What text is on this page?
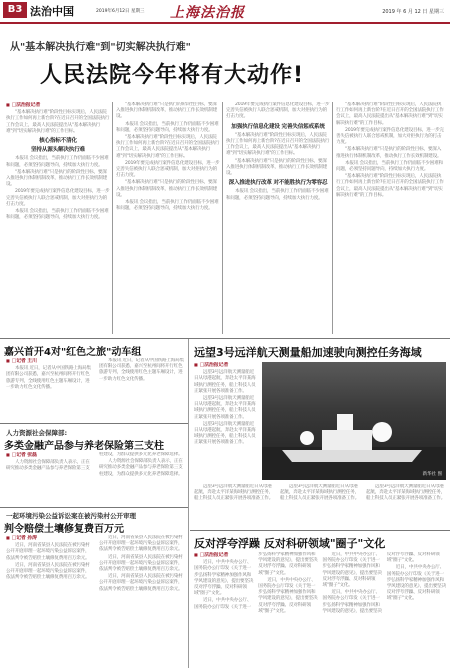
B3 法治中国	2019年6月12日 星期三 上海法治报	2019 年 6 月 12 日 星期三
从"基本解决执行难"到"切实解决执行难"
人民法院今年将有大动作!
■ □法治报记者

"基本解决执行难"阶段性目标实现后，人民法院执行工作如何再上新台阶?在近日召开的全国法院执行工作会议上，最高人民法院提出从"基本解决执行难"到"切实解决执行难"的工作目标。

核心指标不清化
坚持从源头解决执行难

本报讯 会议指出，当前执行工作仍面临不少困难和问题，必须坚持问题导向，持续加大执行力度。

"基本解决执行难"只是执行的阶段性目标，要深入推进执行体制机制改革，推动执行工作长效机制建设。

2019年要完成执行案件信息化建设目标，进一步完善失信被执行人联合惩戒机制，加大对拒执行为的打击力度。

本报讯 会议指出，当前执行工作仍面临不少困难和问题，必须坚持问题导向，持续加大执行力度。

"基本解决执行难"只是执行的阶段性目标，要深入推进执行体制机制改革，推动执行工作长效机制建设。

本报讯 会议指出，当前执行工作仍面临不少困难和问题，必须坚持问题导向，持续加大执行力度。

"基本解决执行难"阶段性目标实现后，人民法院执行工作如何再上新台阶?在近日召开的全国法院执行工作会议上，最高人民法院提出从"基本解决执行难"到"切实解决执行难"的工作目标。

2019年要完成执行案件信息化建设目标，进一步完善失信被执行人联合惩戒机制，加大对拒执行为的打击力度。

"基本解决执行难"只是执行的阶段性目标，要深入推进执行体制机制改革，推动执行工作长效机制建设。

本报讯 会议指出，当前执行工作仍面临不少困难和问题，必须坚持问题导向，持续加大执行力度。

2019年要完成执行案件信息化建设目标，进一步完善失信被执行人联合惩戒机制，加大对拒执行为的打击力度。

加强执行信息化建设 完善失信惩戒系统

"基本解决执行难"阶段性目标实现后，人民法院执行工作如何再上新台阶?在近日召开的全国法院执行工作会议上，最高人民法院提出从"基本解决执行难"到"切实解决执行难"的工作目标。

"基本解决执行难"只是执行的阶段性目标，要深入推进执行体制机制改革，推动执行工作长效机制建设。

深入推进执行改革 对不能胜执行为零容忍

本报讯 会议指出，当前执行工作仍面临不少困难和问题，必须坚持问题导向，持续加大执行力度。

"基本解决执行难"阶段性目标实现后，人民法院执行工作如何再上新台阶?在近日召开的全国法院执行工作会议上，最高人民法院提出从"基本解决执行难"到"切实解决执行难"的工作目标。

2019年要完成执行案件信息化建设目标，进一步完善失信被执行人联合惩戒机制，加大对拒执行为的打击力度。

"基本解决执行难"只是执行的阶段性目标，要深入推进执行体制机制改革，推动执行工作长效机制建设。

本报讯 会议指出，当前执行工作仍面临不少困难和问题，必须坚持问题导向，持续加大执行力度。

"基本解决执行难"阶段性目标实现后，人民法院执行工作如何再上新台阶?在近日召开的全国法院执行工作会议上，最高人民法院提出从"基本解决执行难"到"切实解决执行难"的工作目标。

嘉兴首开4对"红色之旅"动车组
■ □记者 王川

本报讯 近日，记者从中国铁路上海局集团有限公司获悉，嘉兴至杭州间将开行红色旅游专列，全线使用红色主题车厢设计，进一步助力红色文化传播。

本报讯 近日，记者从中国铁路上海局集团有限公司获悉，嘉兴至杭州间将开行红色旅游专列，全线使用红色主题车厢设计，进一步助力红色文化传播。

人力资源社会保障部:
多类金融产品参与养老保险第三支柱
■ □记者 张磊

人力资源社会保障部负责人表示，正在研究推动多类金融产品参与养老保险第三支柱建设，为群众提供多元化养老保障选择。

人力资源社会保障部负责人表示，正在研究推动多类金融产品参与养老保险第三支柱建设，为群众提供多元化养老保障选择。

一起环境污染公益诉讼案在被污染村公开审理
判令赔偿土壤修复费百万元
■ □记者 孙涛

近日，河南省某县人民法院在被污染村公开开庭审理一起环境污染公益诉讼案件，依法判令被告赔偿土壤修复费用百万余元。

近日，河南省某县人民法院在被污染村公开开庭审理一起环境污染公益诉讼案件，依法判令被告赔偿土壤修复费用百万余元。

近日，河南省某县人民法院在被污染村公开开庭审理一起环境污染公益诉讼案件，依法判令被告赔偿土壤修复费用百万余元。

近日，河南省某县人民法院在被污染村公开开庭审理一起环境污染公益诉讼案件，依法判令被告赔偿土壤修复费用百万余元。

近日，河南省某县人民法院在被污染村公开开庭审理一起环境污染公益诉讼案件，依法判令被告赔偿土壤修复费用百万余元。

远望3号远洋航天测量船加速驶向测控任务海域
■ □法治报记者

远望3号远洋航天测量船近日从母港起航，奔赴太平洋某海域执行测控任务，船上科技人员正紧张开展各项准备工作。

远望3号远洋航天测量船近日从母港起航，奔赴太平洋某海域执行测控任务，船上科技人员正紧张开展各项准备工作。

远望3号远洋航天测量船近日从母港起航，奔赴太平洋某海域执行测控任务，船上科技人员正紧张开展各项准备工作。

新华社 图

远望3号远洋航天测量船近日从母港起航，奔赴太平洋某海域执行测控任务，船上科技人员正紧张开展各项准备工作。

远望3号远洋航天测量船近日从母港起航，奔赴太平洋某海域执行测控任务，船上科技人员正紧张开展各项准备工作。

远望3号远洋航天测量船近日从母港起航，奔赴太平洋某海域执行测控任务，船上科技人员正紧张开展各项准备工作。

反对浮夸浮躁 反对科研领域"圈子"文化
■ □法治报记者

近日，中共中央办公厅、国务院办公厅印发《关于进一步弘扬科学家精神加强作风和学风建设的意见》，提出要坚决反对浮夸浮躁、反对科研领域"圈子"文化。

近日，中共中央办公厅、国务院办公厅印发《关于进一步弘扬科学家精神加强作风和学风建设的意见》，提出要坚决反对浮夸浮躁、反对科研领域"圈子"文化。

近日，中共中央办公厅、国务院办公厅印发《关于进一步弘扬科学家精神加强作风和学风建设的意见》，提出要坚决反对浮夸浮躁、反对科研领域"圈子"文化。

近日，中共中央办公厅、国务院办公厅印发《关于进一步弘扬科学家精神加强作风和学风建设的意见》，提出要坚决反对浮夸浮躁、反对科研领域"圈子"文化。

近日，中共中央办公厅、国务院办公厅印发《关于进一步弘扬科学家精神加强作风和学风建设的意见》，提出要坚决反对浮夸浮躁、反对科研领域"圈子"文化。

近日，中共中央办公厅、国务院办公厅印发《关于进一步弘扬科学家精神加强作风和学风建设的意见》，提出要坚决反对浮夸浮躁、反对科研领域"圈子"文化。
